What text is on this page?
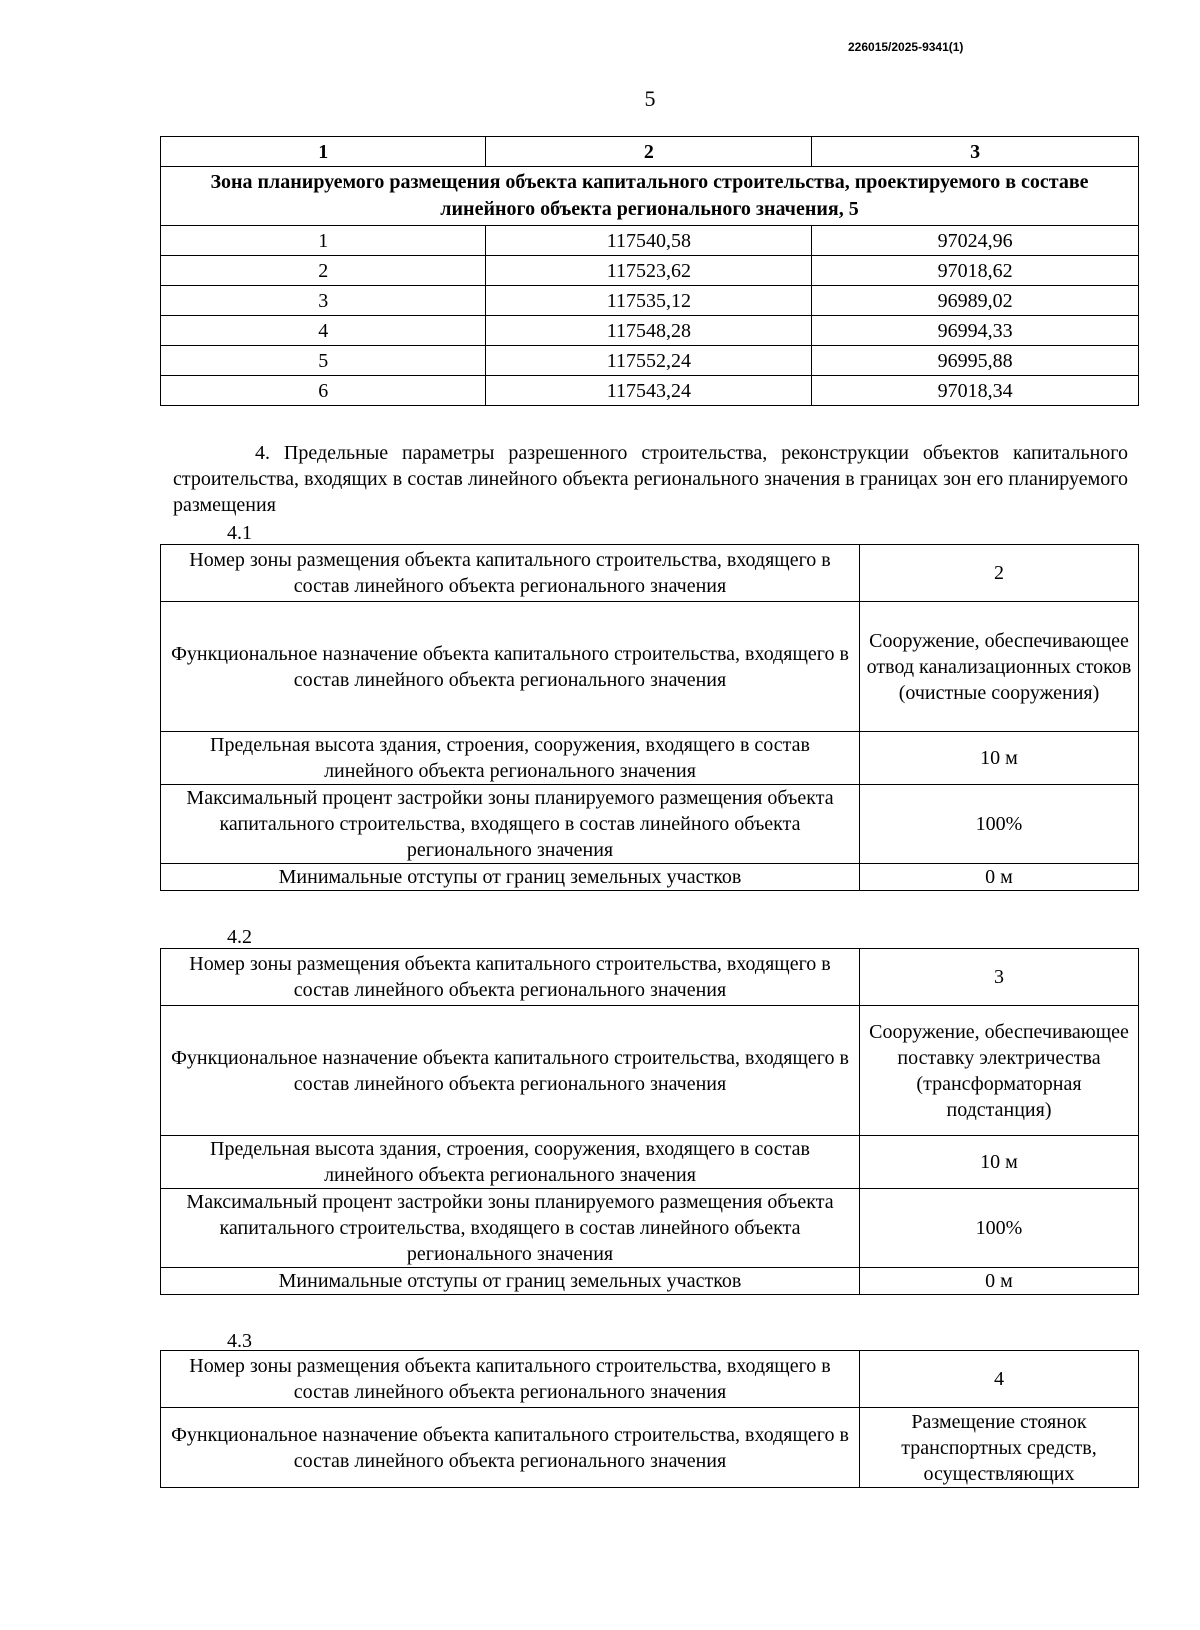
226015/2025-9341(1)
5
1	2	3
Зона планируемого размещения объекта капитального строительства, проектируемого в составе линейного объекта регионального значения, 5		
1	117540,58	97024,96
2	117523,62	97018,62
3	117535,12	96989,02
4	117548,28	96994,33
5	117552,24	96995,88
6	117543,24	97018,34
4. Предельные параметры разрешенного строительства, реконструкции объектов капитального строительства, входящих в состав линейного объекта регионального значения в границах зон его планируемого размещения
4.1
Номер зоны размещения объекта капитального строительства, входящего в состав линейного объекта регионального значения	2
Функциональное назначение объекта капитального строительства, входящего в состав линейного объекта регионального значения	Сооружение, обеспечивающее отвод канализационных стоков (очистные сооружения)
Предельная высота здания, строения, сооружения, входящего в состав линейного объекта регионального значения	10 м
Максимальный процент застройки зоны планируемого размещения объекта капитального строительства, входящего в состав линейного объекта регионального значения	100%
Минимальные отступы от границ земельных участков	0 м
4.2
Номер зоны размещения объекта капитального строительства, входящего в состав линейного объекта регионального значения	3
Функциональное назначение объекта капитального строительства, входящего в состав линейного объекта регионального значения	Сооружение, обеспечивающее поставку электричества (трансформаторная подстанция)
Предельная высота здания, строения, сооружения, входящего в состав линейного объекта регионального значения	10 м
Максимальный процент застройки зоны планируемого размещения объекта капитального строительства, входящего в состав линейного объекта регионального значения	100%
Минимальные отступы от границ земельных участков	0 м
4.3
Номер зоны размещения объекта капитального строительства, входящего в состав линейного объекта регионального значения	4
Функциональное назначение объекта капитального строительства, входящего в состав линейного объекта регионального значения	Размещение стоянок транспортных средств, осуществляющих
